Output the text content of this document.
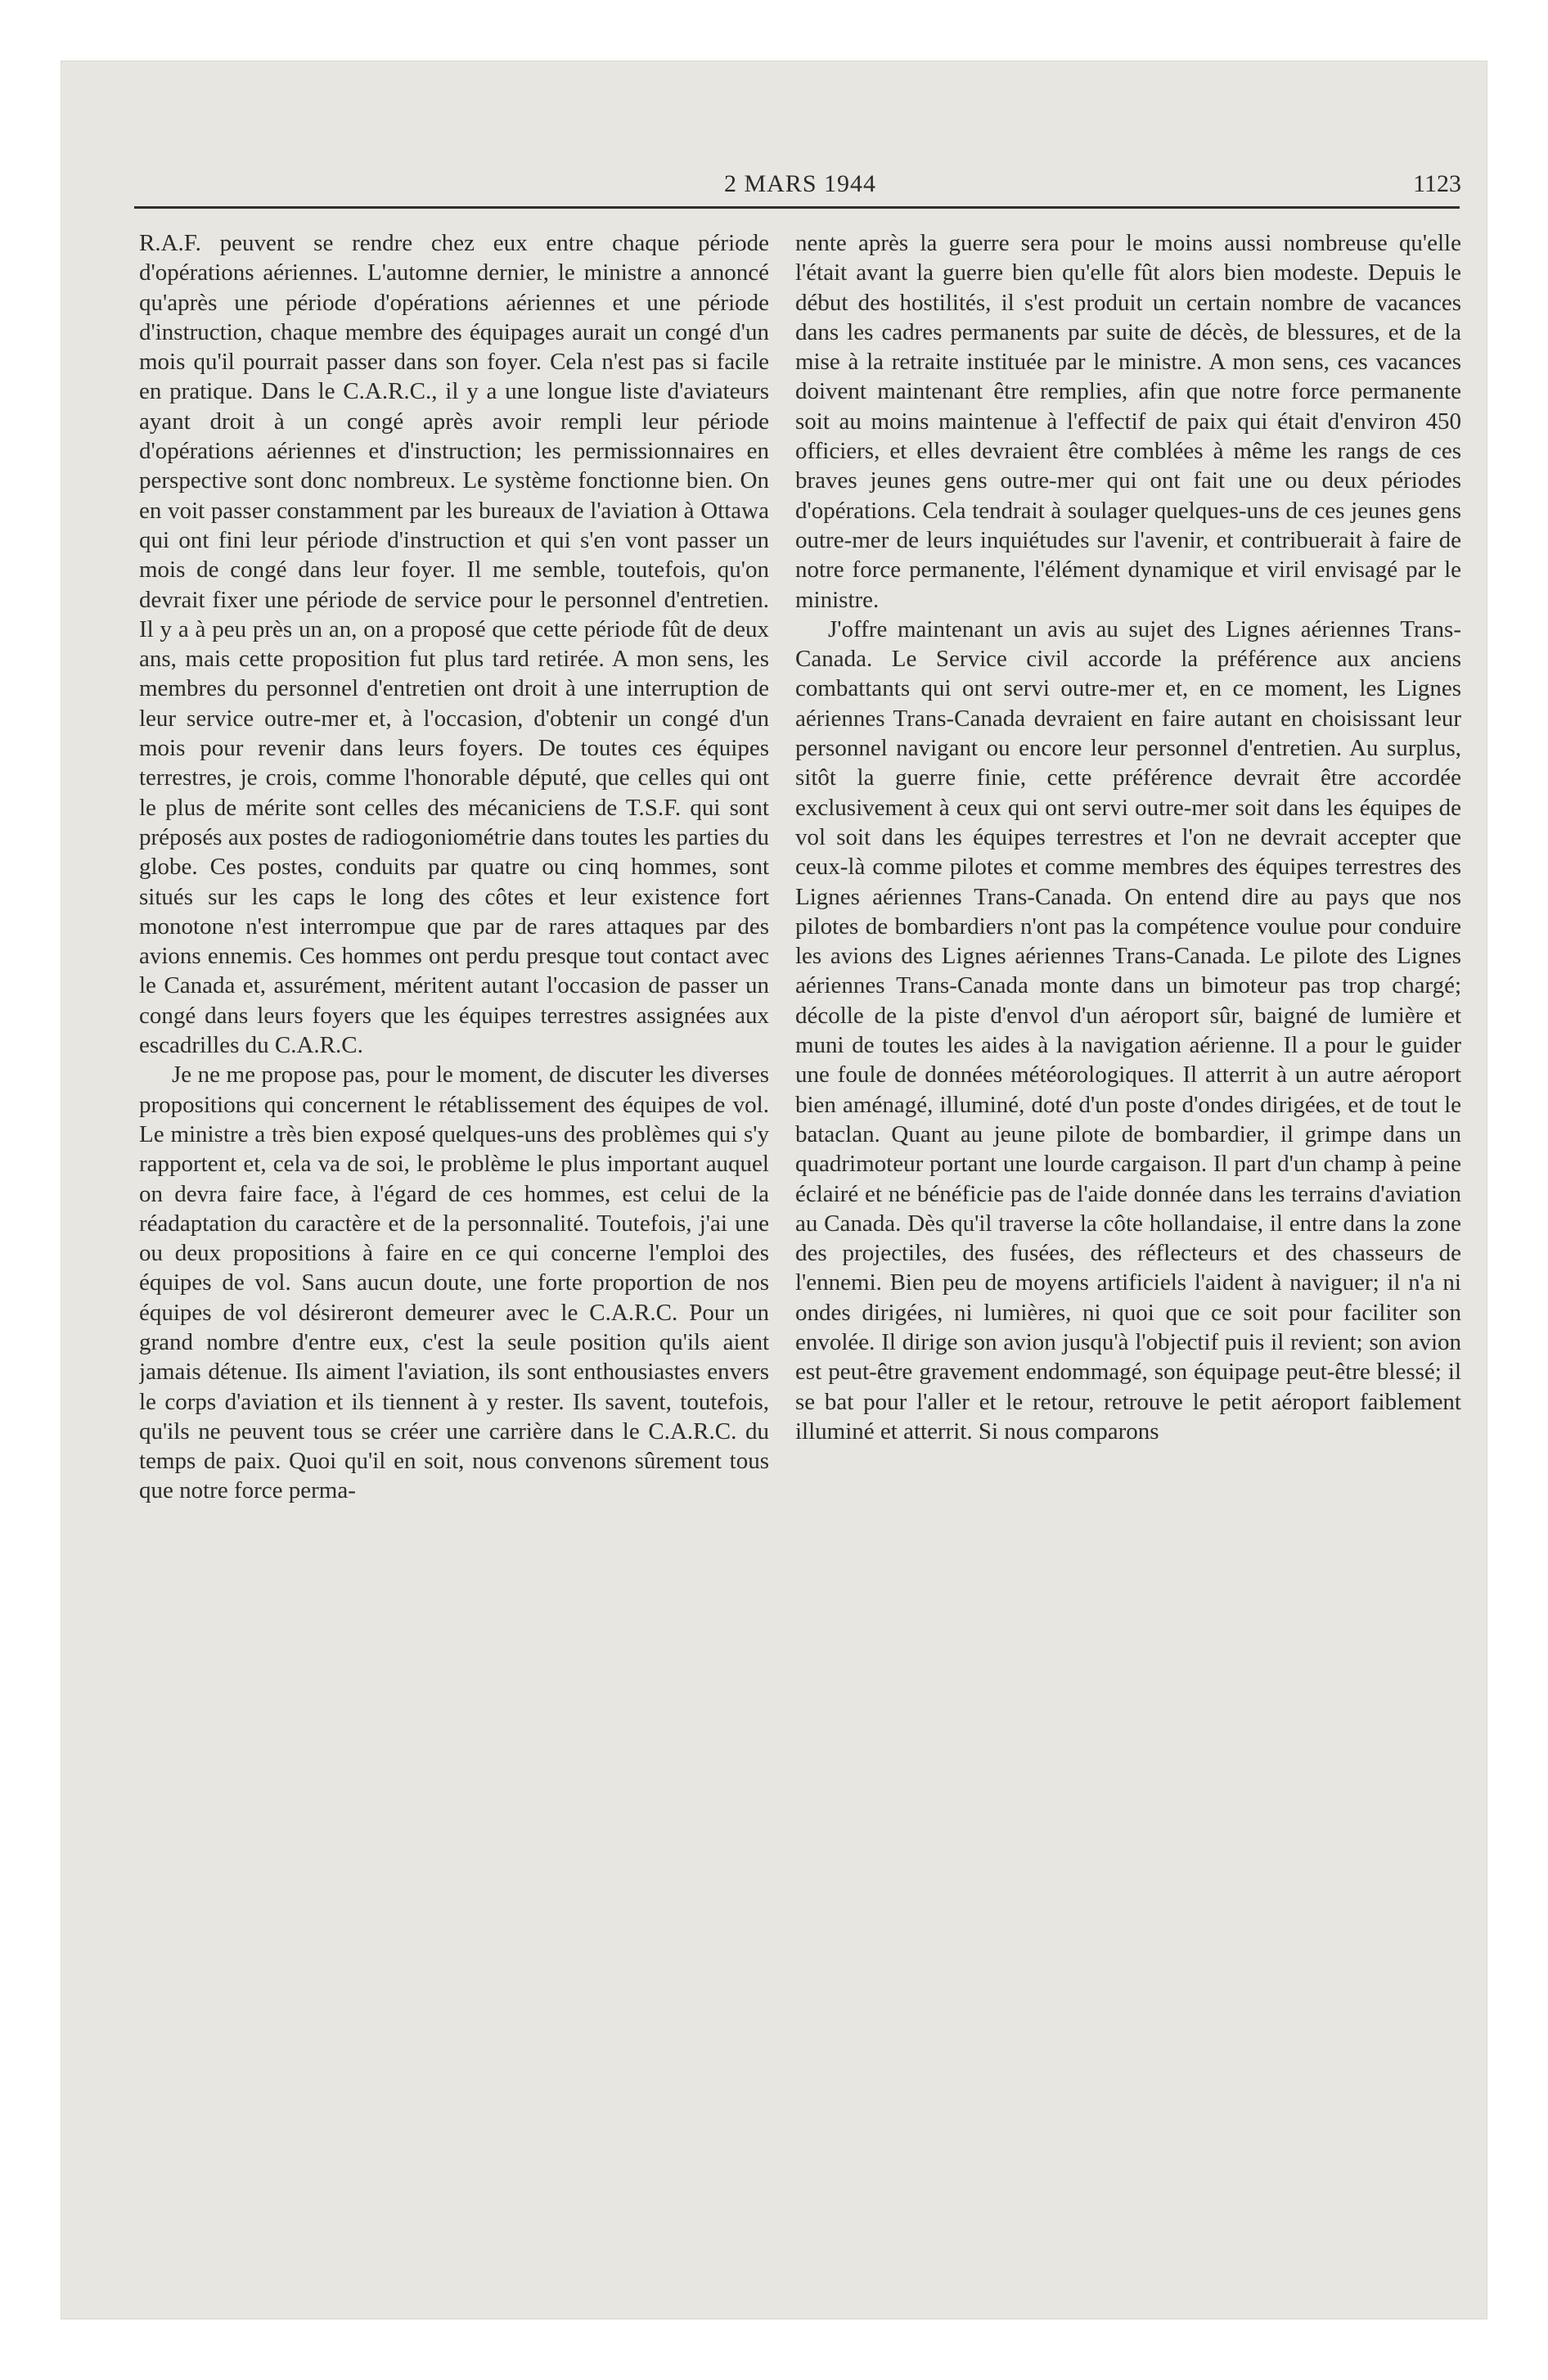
2 MARS 1944	1123

R.A.F. peuvent se rendre chez eux entre chaque période d'opérations aériennes. L'automne dernier, le ministre a annoncé qu'après une période d'opérations aériennes et une période d'instruction, chaque membre des équipages aurait un congé d'un mois qu'il pourrait passer dans son foyer. Cela n'est pas si facile en pratique. Dans le C.A.R.C., il y a une longue liste d'aviateurs ayant droit à un congé après avoir rempli leur période d'opérations aériennes et d'instruction; les permissionnaires en perspective sont donc nombreux. Le système fonctionne bien. On en voit passer constamment par les bureaux de l'aviation à Ottawa qui ont fini leur période d'instruction et qui s'en vont passer un mois de congé dans leur foyer. Il me semble, toutefois, qu'on devrait fixer une période de service pour le personnel d'entretien. Il y a à peu près un an, on a proposé que cette période fût de deux ans, mais cette proposition fut plus tard retirée. A mon sens, les membres du personnel d'entretien ont droit à une interruption de leur service outre-mer et, à l'occasion, d'obtenir un congé d'un mois pour revenir dans leurs foyers. De toutes ces équipes terrestres, je crois, comme l'honorable député, que celles qui ont le plus de mérite sont celles des mécaniciens de T.S.F. qui sont préposés aux postes de radiogoniométrie dans toutes les parties du globe. Ces postes, conduits par quatre ou cinq hommes, sont situés sur les caps le long des côtes et leur existence fort monotone n'est interrompue que par de rares attaques par des avions ennemis. Ces hommes ont perdu presque tout contact avec le Canada et, assurément, méritent autant l'occasion de passer un congé dans leurs foyers que les équipes terrestres assignées aux escadrilles du C.A.R.C.

Je ne me propose pas, pour le moment, de discuter les diverses propositions qui concernent le rétablissement des équipes de vol. Le ministre a très bien exposé quelques-uns des problèmes qui s'y rapportent et, cela va de soi, le problème le plus important auquel on devra faire face, à l'égard de ces hommes, est celui de la réadaptation du caractère et de la personnalité. Toutefois, j'ai une ou deux propositions à faire en ce qui concerne l'emploi des équipes de vol. Sans aucun doute, une forte proportion de nos équipes de vol désireront demeurer avec le C.A.R.C. Pour un grand nombre d'entre eux, c'est la seule position qu'ils aient jamais détenue. Ils aiment l'aviation, ils sont enthousiastes envers le corps d'aviation et ils tiennent à y rester. Ils savent, toutefois, qu'ils ne peuvent tous se créer une carrière dans le C.A.R.C. du temps de paix. Quoi qu'il en soit, nous convenons sûrement tous que notre force perma-

nente après la guerre sera pour le moins aussi nombreuse qu'elle l'était avant la guerre bien qu'elle fût alors bien modeste. Depuis le début des hostilités, il s'est produit un certain nombre de vacances dans les cadres permanents par suite de décès, de blessures, et de la mise à la retraite instituée par le ministre. A mon sens, ces vacances doivent maintenant être remplies, afin que notre force permanente soit au moins maintenue à l'effectif de paix qui était d'environ 450 officiers, et elles devraient être comblées à même les rangs de ces braves jeunes gens outre-mer qui ont fait une ou deux périodes d'opérations. Cela tendrait à soulager quelques-uns de ces jeunes gens outre-mer de leurs inquiétudes sur l'avenir, et contribuerait à faire de notre force permanente, l'élément dynamique et viril envisagé par le ministre.

J'offre maintenant un avis au sujet des Lignes aériennes Trans-Canada. Le Service civil accorde la préférence aux anciens combattants qui ont servi outre-mer et, en ce moment, les Lignes aériennes Trans-Canada devraient en faire autant en choisissant leur personnel navigant ou encore leur personnel d'entretien. Au surplus, sitôt la guerre finie, cette préférence devrait être accordée exclusivement à ceux qui ont servi outre-mer soit dans les équipes de vol soit dans les équipes terrestres et l'on ne devrait accepter que ceux-là comme pilotes et comme membres des équipes terrestres des Lignes aériennes Trans-Canada. On entend dire au pays que nos pilotes de bombardiers n'ont pas la compétence voulue pour conduire les avions des Lignes aériennes Trans-Canada. Le pilote des Lignes aériennes Trans-Canada monte dans un bimoteur pas trop chargé; décolle de la piste d'envol d'un aéroport sûr, baigné de lumière et muni de toutes les aides à la navigation aérienne. Il a pour le guider une foule de données météorologiques. Il atterrit à un autre aéroport bien aménagé, illuminé, doté d'un poste d'ondes dirigées, et de tout le bataclan. Quant au jeune pilote de bombardier, il grimpe dans un quadrimoteur portant une lourde cargaison. Il part d'un champ à peine éclairé et ne bénéficie pas de l'aide donnée dans les terrains d'aviation au Canada. Dès qu'il traverse la côte hollandaise, il entre dans la zone des projectiles, des fusées, des réflecteurs et des chasseurs de l'ennemi. Bien peu de moyens artificiels l'aident à naviguer; il n'a ni ondes dirigées, ni lumières, ni quoi que ce soit pour faciliter son envolée. Il dirige son avion jusqu'à l'objectif puis il revient; son avion est peut-être gravement endommagé, son équipage peut-être blessé; il se bat pour l'aller et le retour, retrouve le petit aéroport faiblement illuminé et atterrit. Si nous comparons
